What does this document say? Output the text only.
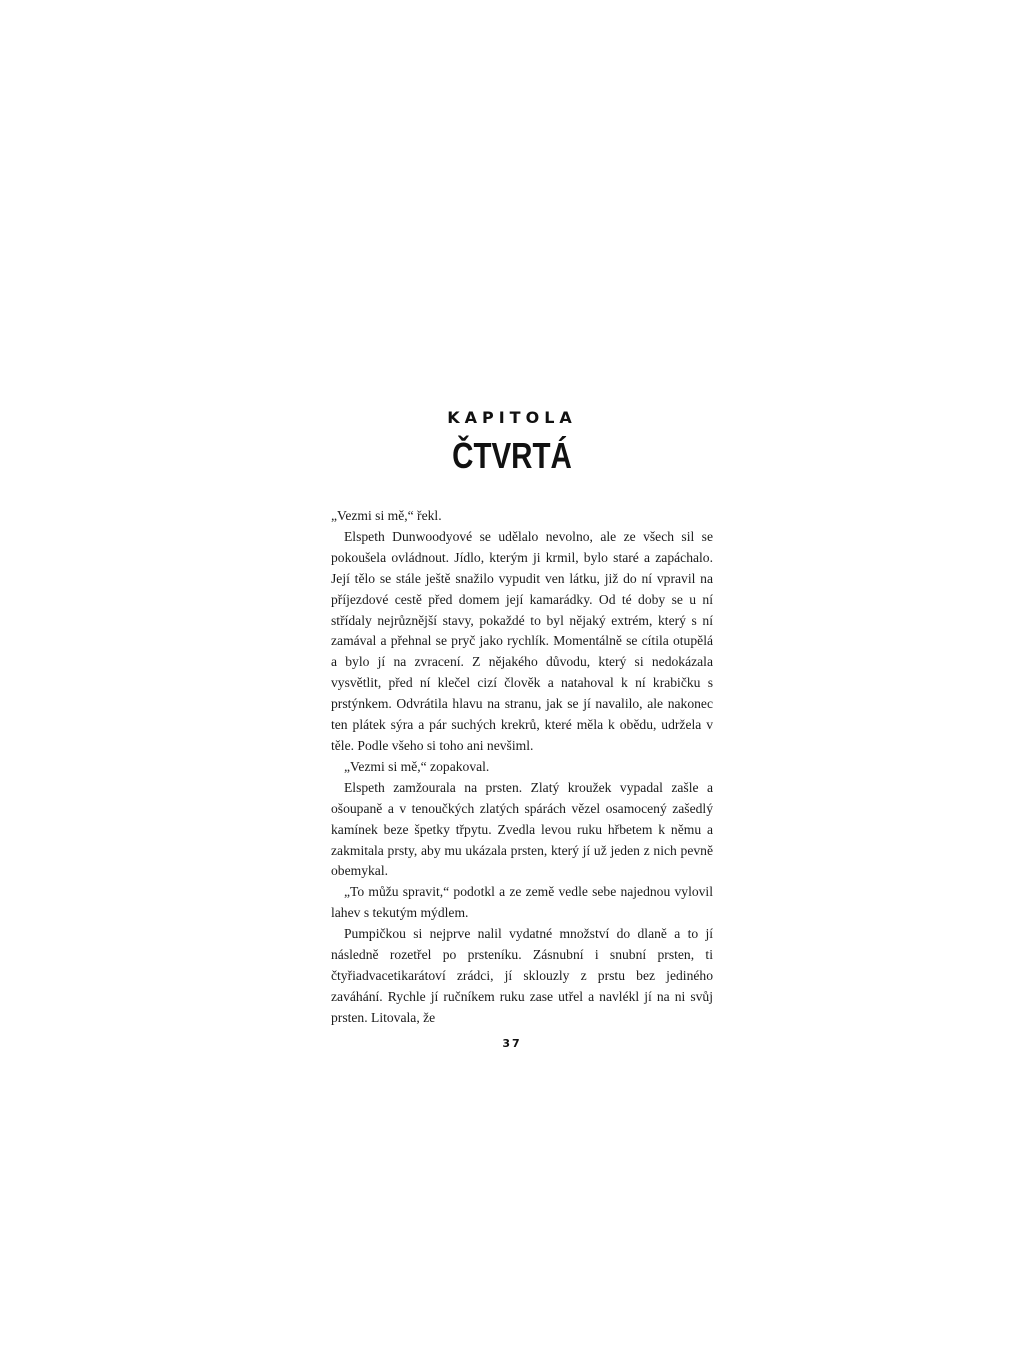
KAPITOLA
ČTVRTÁ

„Vezmi si mě,“ řekl.

Elspeth Dunwoodyové se udělalo nevolno, ale ze všech sil se pokoušela ovládnout. Jídlo, kterým ji krmil, bylo staré a zapáchalo. Její tělo se stále ještě snažilo vypudit ven látku, již do ní vpravil na příjezdové cestě před domem její kamarádky. Od té doby se u ní střídaly nejrůznější stavy, pokaždé to byl nějaký extrém, který s ní zamával a přehnal se pryč jako rychlík. Momentálně se cítila otupělá a bylo jí na zvracení. Z nějakého důvodu, který si nedokázala vysvětlit, před ní klečel cizí člověk a natahoval k ní krabičku s prstýnkem. Odvrátila hlavu na stranu, jak se jí navalilo, ale nakonec ten plátek sýra a pár suchých krekrů, které měla k obědu, udržela v těle. Podle všeho si toho ani nevšiml.

„Vezmi si mě,“ zopakoval.

Elspeth zamžourala na prsten. Zlatý kroužek vypadal zašle a ošoupaně a v tenoučkých zlatých spárách vězel osamocený zašedlý kamínek beze špetky třpytu. Zvedla levou ruku hřbetem k němu a zakmitala prsty, aby mu ukázala prsten, který jí už jeden z nich pevně obemykal.

„To můžu spravit,“ podotkl a ze země vedle sebe najednou vylovil lahev s tekutým mýdlem.

Pumpičkou si nejprve nalil vydatné množství do dlaně a to jí následně rozetřel po prsteníku. Zásnubní i snubní prsten, ti čtyřiadvacetikarátoví zrádci, jí sklouzly z prstu bez jediného zaváhání. Rychle jí ručníkem ruku zase utřel a navlékl jí na ni svůj prsten. Litovala, že

37
